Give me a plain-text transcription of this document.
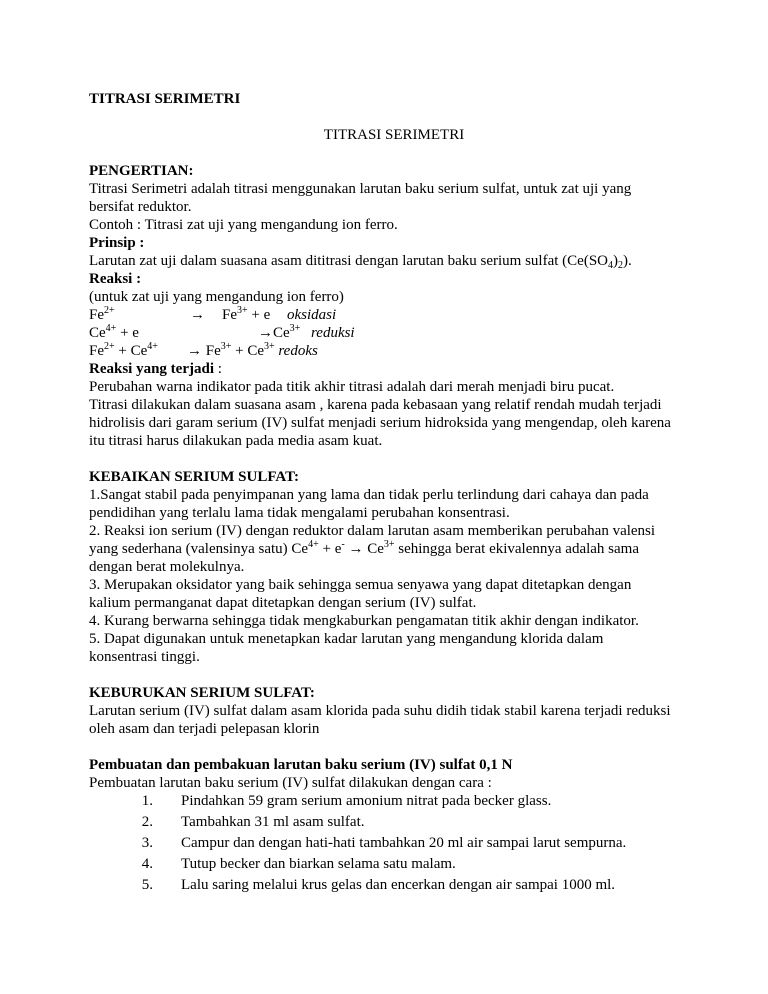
TITRASI SERIMETRI
TITRASI SERIMETRI
PENGERTIAN:
Titrasi Serimetri adalah titrasi menggunakan larutan baku serium sulfat, untuk zat uji yang
bersifat reduktor.
Contoh : Titrasi zat uji yang mengandung ion ferro.
Prinsip :
Larutan zat uji dalam suasana asam dititrasi dengan larutan baku serium sulfat $(Ce(SO_4)_2)$.
Reaksi :
(untuk zat uji yang mengandung ion ferro)
$Fe^{2+}$	→ $Fe^{3+} + e$ oksidasi
$Ce^{4+} + e$	$\to Ce^{3+}$ reduksi
$Fe^{2+} + Ce^{4+} \to Fe^{3+} + Ce^{3+}$ redoks
Reaksi yang terjadi :
Perubahan warna indikator pada titik akhir titrasi adalah dari merah menjadi biru pucat.
Titrasi dilakukan dalam suasana asam , karena pada kebasaan yang relatif rendah mudah terjadi
hidrolisis dari garam serium (IV) sulfat menjadi serium hidroksida yang mengendap, oleh karena
itu titrasi harus dilakukan pada media asam kuat.
KEBAIKAN SERIUM SULFAT:
1.Sangat stabil pada penyimpanan yang lama dan tidak perlu terlindung dari cahaya dan pada
pendidihan yang terlalu lama tidak mengalami perubahan konsentrasi.
2. Reaksi ion serium (IV) dengan reduktor dalam larutan asam memberikan perubahan valensi
yang sederhana (valensinya satu) $Ce^{4+} + e^- \to Ce^{3+}$ sehingga berat ekivalennya adalah sama
dengan berat molekulnya.
3. Merupakan oksidator yang baik sehingga semua senyawa yang dapat ditetapkan dengan
kalium permanganat dapat ditetapkan dengan serium (IV) sulfat.
4. Kurang berwarna sehingga tidak mengkaburkan pengamatan titik akhir dengan indikator.
5. Dapat digunakan untuk menetapkan kadar larutan yang mengandung klorida dalam
konsentrasi tinggi.
KEBURUKAN SERIUM SULFAT:
Larutan serium (IV) sulfat dalam asam klorida pada suhu didih tidak stabil karena terjadi reduksi
oleh asam dan terjadi pelepasan klorin
Pembuatan dan pembakuan larutan baku serium (IV) sulfat 0,1 N
Pembuatan larutan baku serium (IV) sulfat dilakukan dengan cara :
1. Pindahkan 59 gram serium amonium nitrat pada becker glass.
2. Tambahkan 31 ml asam sulfat.
3. Campur dan dengan hati-hati tambahkan 20 ml air sampai larut sempurna.
4. Tutup becker dan biarkan selama satu malam.
5. Lalu saring melalui krus gelas dan encerkan dengan air sampai 1000 ml.
